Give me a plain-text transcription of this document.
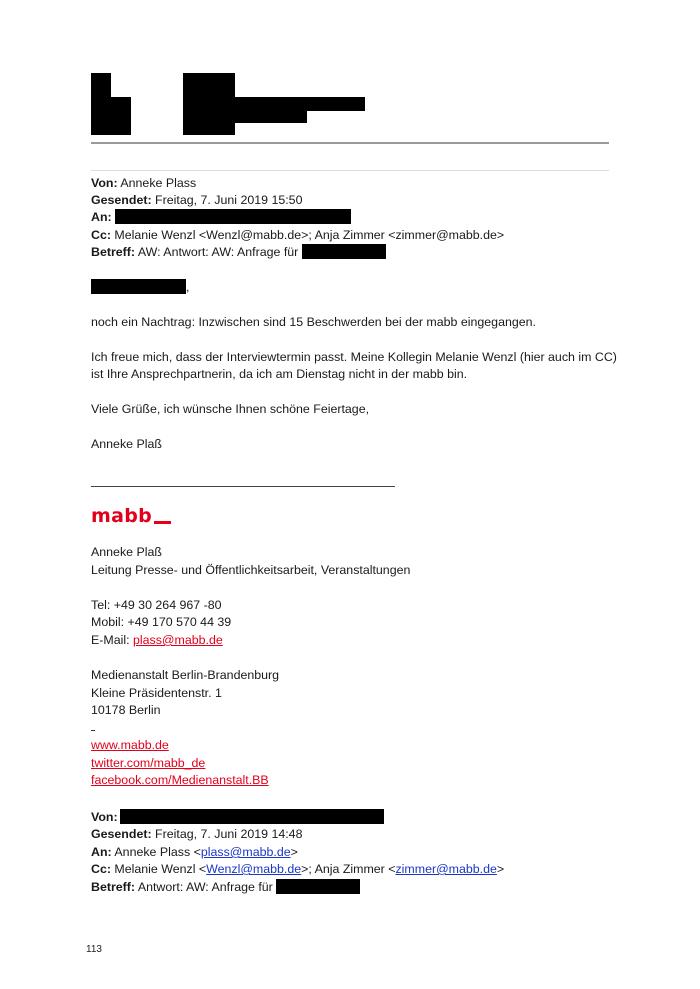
Von: Anneke Plass
Gesendet: Freitag, 7. Juni 2019 15:50
An:
Cc: Melanie Wenzl <Wenzl@mabb.de>; Anja Zimmer <zimmer@mabb.de>
Betreff: AW: Antwort: AW: Anfrage für
,
noch ein Nachtrag: Inzwischen sind 15 Beschwerden bei der mabb eingegangen.
Ich freue mich, dass der Interviewtermin passt. Meine Kollegin Melanie Wenzl (hier auch im CC)
ist Ihre Ansprechpartnerin, da ich am Dienstag nicht in der mabb bin.
Viele Grüße, ich wünsche Ihnen schöne Feiertage,
Anneke Plaß
mabb
Anneke Plaß
Leitung Presse- und Öffentlichkeitsarbeit, Veranstaltungen
Tel: +49 30 264 967 -80
Mobil: +49 170 570 44 39
E-Mail: plass@mabb.de
Medienanstalt Berlin-Brandenburg
Kleine Präsidentenstr. 1
10178 Berlin
www.mabb.de
twitter.com/mabb_de
facebook.com/Medienanstalt.BB
Von:
Gesendet: Freitag, 7. Juni 2019 14:48
An: Anneke Plass <plass@mabb.de>
Cc: Melanie Wenzl <Wenzl@mabb.de>; Anja Zimmer <zimmer@mabb.de>
Betreff: Antwort: AW: Anfrage für
113
